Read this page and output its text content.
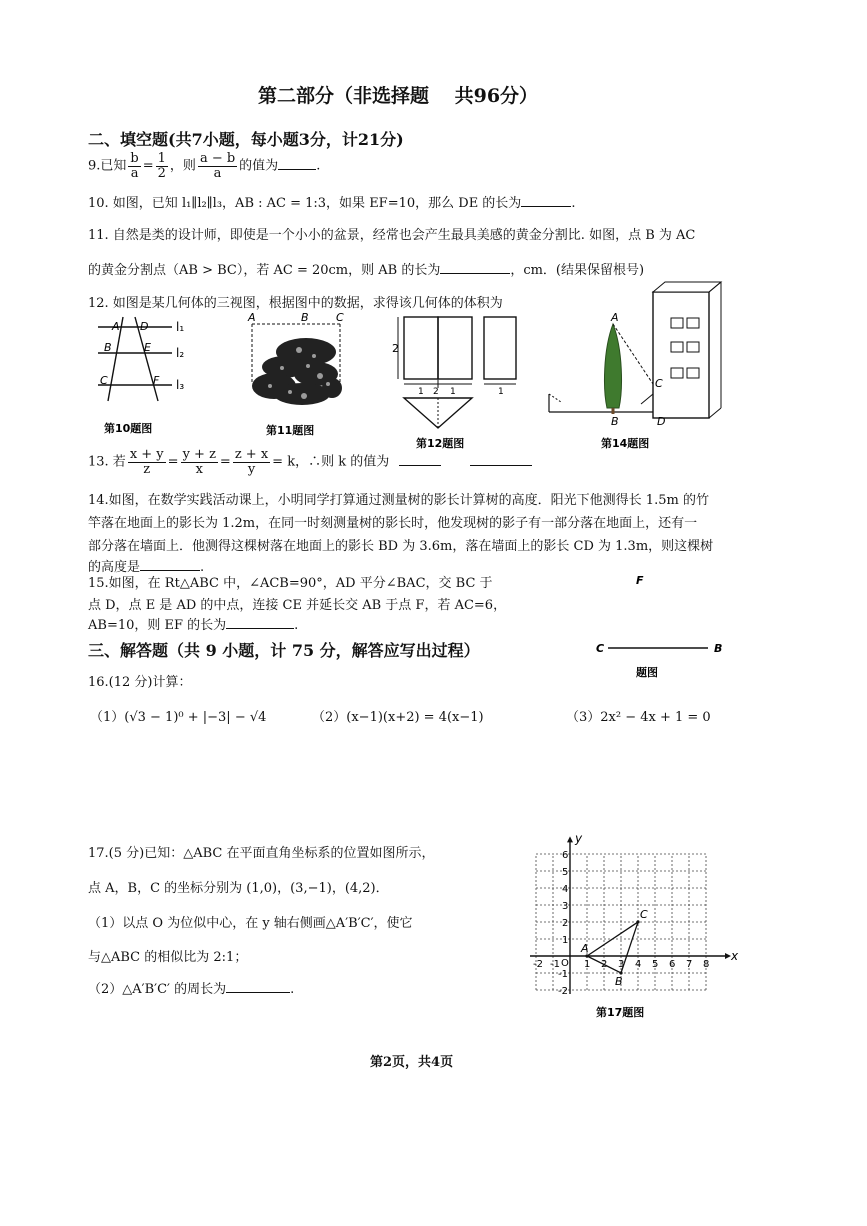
第二部分（非选择题　 共96分）
二、填空题(共7小题，每小题3分，计21分)
9.已知 $\frac{b}{a} = \frac{1}{2}$ ，则 $\frac{a - b}{a}$ 的值为	.
10. 如图，已知 l₁∥l₂∥l₃，AB : AC = 1:3，如果 EF=10，那么 DE 的长为	.
11. 自然是类的设计师，即使是一个小小的盆景，经常也会产生最具美感的黄金分割比. 如图，点 B 为 AC
的黄金分割点（AB > BC），若 AC = 20cm，则 AB 的长为	，cm．(结果保留根号)
12. 如图是某几何体的三视图，根据图中的数据，求得该几何体的体积为
A D
B	E
C	F
l₁
l₂
l₃
第10题图
A	B C
第11题图
2
2
1	1	1
第12题图
A
C
B	D
第14题图
13. 若 $\frac{x + y}{z} = \frac{y + z}{x} = \frac{z + x}{y} = k$，∴则 k 的值为
14.如图，在数学实践活动课上，小明同学打算通过测量树的影长计算树的高度．阳光下他测得长 1.5m 的竹
竿落在地面上的影长为 1.2m，在同一时刻测量树的影长时，他发现树的影子有一部分落在地面上，还有一
部分落在墙面上．他测得这棵树落在地面上的影长 BD 为 3.6m，落在墙面上的影长 CD 为 1.3m，则这棵树
的高度是	.
15.如图，在 Rt△ABC 中，∠ACB=90°，AD 平分∠BAC，交 BC 于
点 D，点 E 是 AD 的中点，连接 CE 并延长交 AB 于点 F，若 AC=6，
AB=10，则 EF 的长为	.
F
C	B
题图
三、解答题（共 9 小题，计 75 分，解答应写出过程）
16.(12 分)计算：
（1）(√3 − 1)⁰ + |−3| − √4	（2）(x−1)(x+2) = 4(x−1)	（3）2x² − 4x + 1 = 0
17.(5 分)已知：△ABC 在平面直角坐标系的位置如图所示，
点 A，B，C 的坐标分别为 (1,0)，(3,−1)，(4,2)．
（1）以点 O 为位似中心，在 y 轴右侧画△A′B′C′，使它
与△ABC 的相似比为 2:1；
（2）△A′B′C′ 的周长为	.
x
y
O
-2 -1 1 2 3 4 5 6 7 8
-2
-1
1
2
3
4
5
6
A
B
C
第17题图
第2页，共4页
